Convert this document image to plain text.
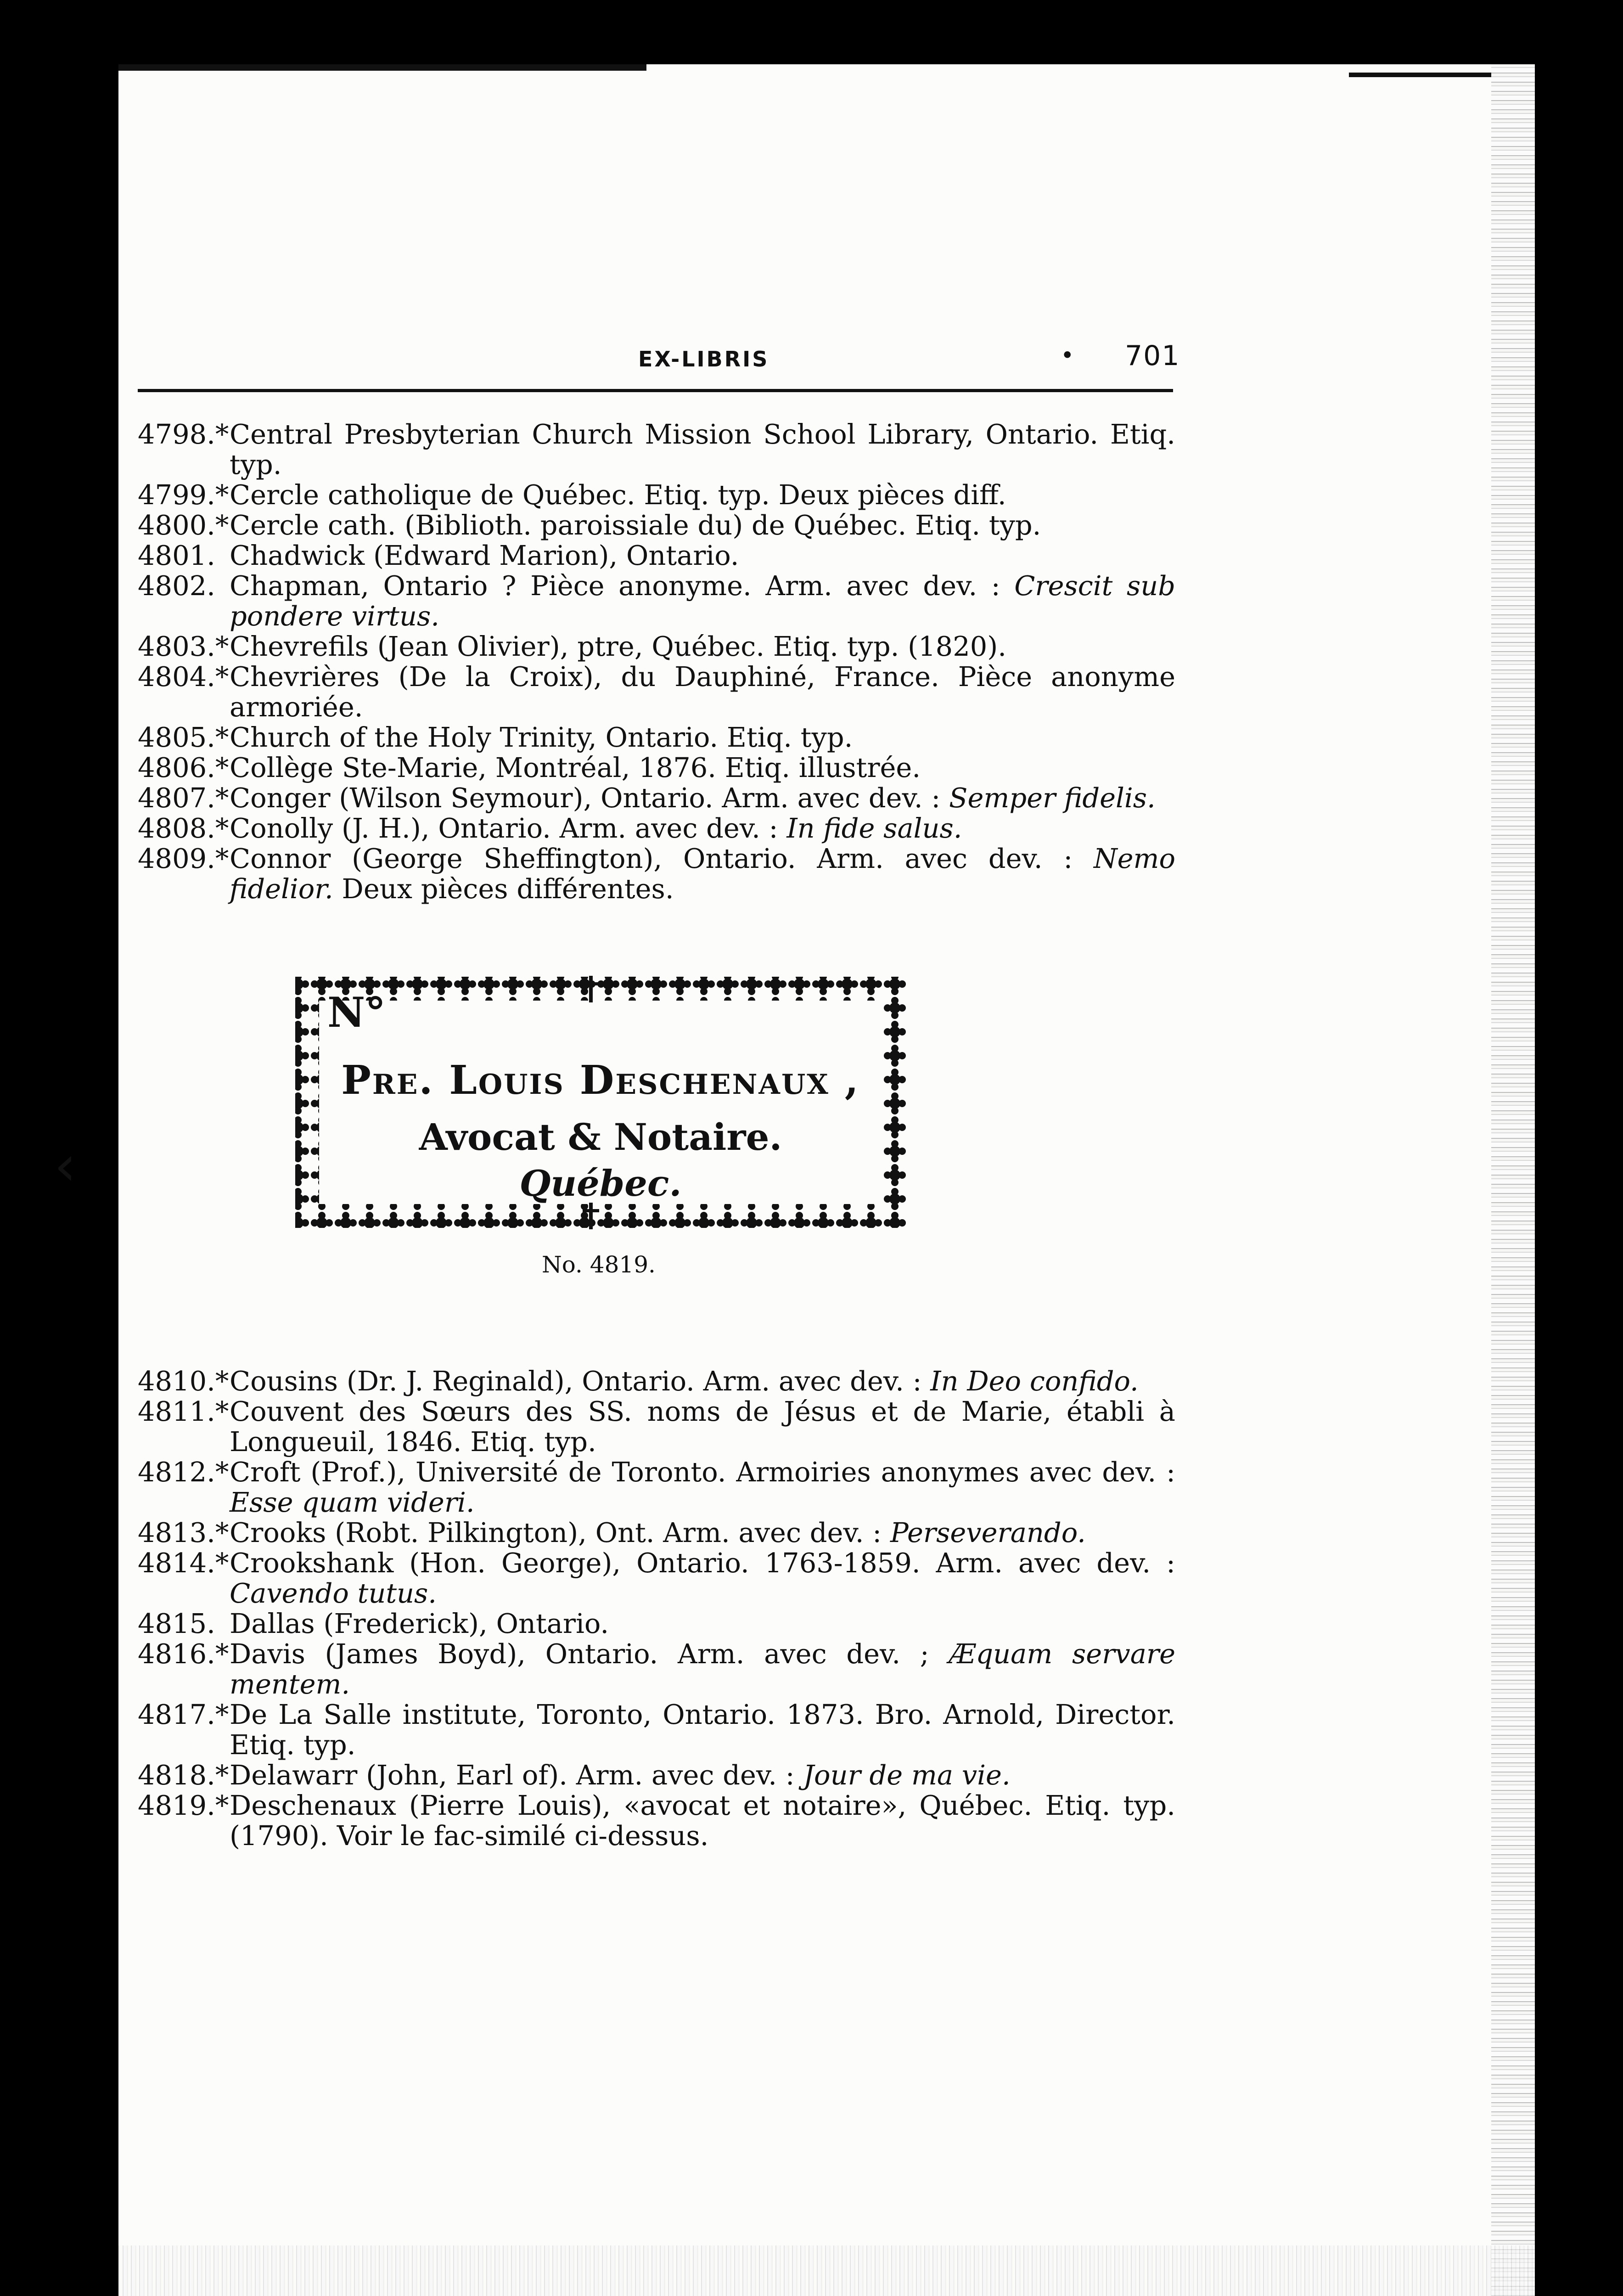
‹
EX-LIBRIS	• 701
4798.* Central Presbyterian Church Mission School Library, Ontario. Etiq. typ.
4799.* Cercle catholique de Québec. Etiq. typ. Deux pièces diff.
4800.* Cercle cath. (Biblioth. paroissiale du) de Québec. Etiq. typ.
4801. Chadwick (Edward Marion), Ontario.
4802. Chapman, Ontario ? Pièce anonyme. Arm. avec dev. : Crescit sub pondere virtus.
4803.* Chevrefils (Jean Olivier), ptre, Québec. Etiq. typ. (1820).
4804.* Chevrières (De la Croix), du Dauphiné, France. Pièce anonyme armoriée.
4805.* Church of the Holy Trinity, Ontario. Etiq. typ.
4806.* Collège Ste-Marie, Montréal, 1876. Etiq. illustrée.
4807.* Conger (Wilson Seymour), Ontario. Arm. avec dev. : Semper fidelis.
4808.* Conolly (J. H.), Ontario. Arm. avec dev. : In fide salus.
4809.* Connor (George Sheffington), Ontario. Arm. avec dev. : Nemo fidelior. Deux pièces différentes.
N°
Pre. Louis Deschenaux ,
Avocat & Notaire.
Québec.
No. 4819.
4810.* Cousins (Dr. J. Reginald), Ontario. Arm. avec dev. : In Deo confido.
4811.* Couvent des Sœurs des SS. noms de Jésus et de Marie, établi à Longueuil, 1846. Etiq. typ.
4812.* Croft (Prof.), Université de Toronto. Armoiries anonymes avec dev. : Esse quam videri.
4813.* Crooks (Robt. Pilkington), Ont. Arm. avec dev. : Perseverando.
4814.* Crookshank (Hon. George), Ontario. 1763-1859. Arm. avec dev. : Cavendo tutus.
4815. Dallas (Frederick), Ontario.
4816.* Davis (James Boyd), Ontario. Arm. avec dev. ; Æquam servare mentem.
4817.* De La Salle institute, Toronto, Ontario. 1873. Bro. Arnold, Director. Etiq. typ.
4818.* Delawarr (John, Earl of). Arm. avec dev. : Jour de ma vie.
4819.* Deschenaux (Pierre Louis), «avocat et notaire», Québec. Etiq. typ. (1790). Voir le fac-similé ci-dessus.
